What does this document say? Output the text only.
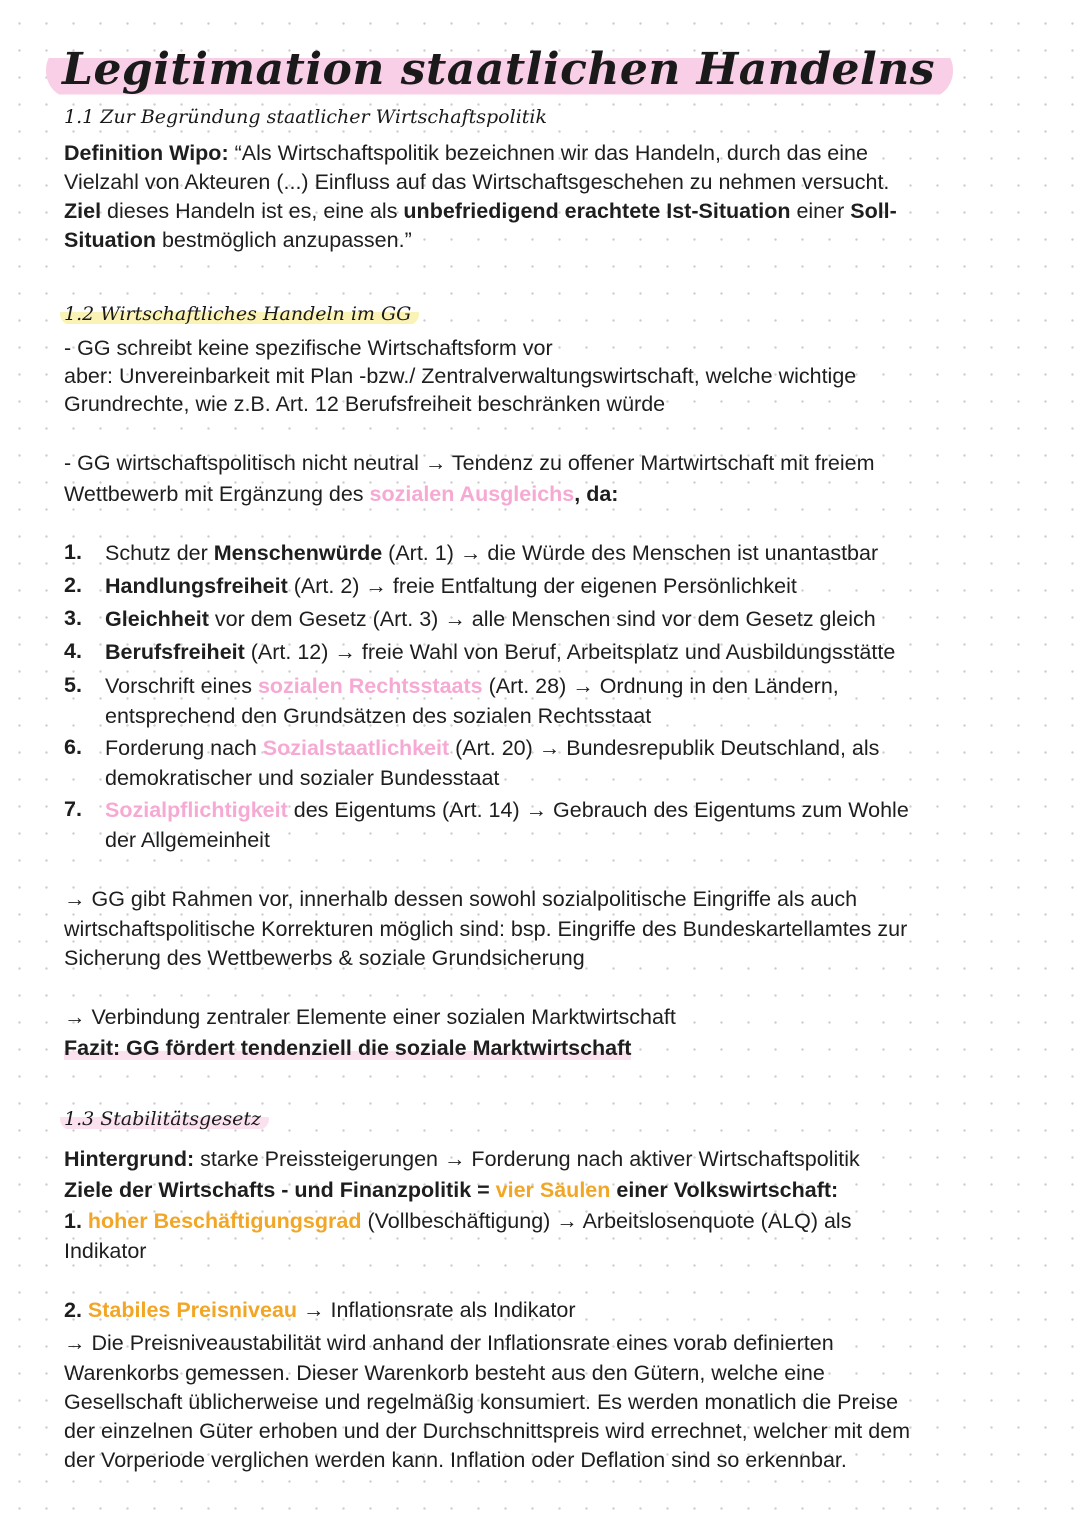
Legitimation staatlichen Handelns
1.1 Zur Begründung staatlicher Wirtschaftspolitik
Definition Wipo: “Als Wirtschaftspolitik bezeichnen wir das Handeln, durch das eine
Vielzahl von Akteuren (...) Einfluss auf das Wirtschaftsgeschehen zu nehmen versucht.
Ziel dieses Handeln ist es, eine als unbefriedigend erachtete Ist-Situation einer Soll-
Situation bestmöglich anzupassen.”
1.2 Wirtschaftliches Handeln im GG
- GG schreibt keine spezifische Wirtschaftsform vor
aber: Unvereinbarkeit mit Plan -bzw./ Zentralverwaltungswirtschaft, welche wichtige
Grundrechte, wie z.B. Art. 12 Berufsfreiheit beschränken würde
- GG wirtschaftspolitisch nicht neutral → Tendenz zu offener Martwirtschaft mit freiem
Wettbewerb mit Ergänzung des sozialen Ausgleichs, da:
1. Schutz der Menschenwürde (Art. 1) → die Würde des Menschen ist unantastbar
2. Handlungsfreiheit (Art. 2) → freie Entfaltung der eigenen Persönlichkeit
3. Gleichheit vor dem Gesetz (Art. 3) → alle Menschen sind vor dem Gesetz gleich
4. Berufsfreiheit (Art. 12) → freie Wahl von Beruf, Arbeitsplatz und Ausbildungsstätte
5. Vorschrift eines sozialen Rechtsstaats (Art. 28) → Ordnung in den Ländern,
entsprechend den Grundsätzen des sozialen Rechtsstaat
6. Forderung nach Sozialstaatlichkeit (Art. 20) → Bundesrepublik Deutschland, als
demokratischer und sozialer Bundesstaat
7. Sozialpflichtigkeit des Eigentums (Art. 14) → Gebrauch des Eigentums zum Wohle
der Allgemeinheit
→ GG gibt Rahmen vor, innerhalb dessen sowohl sozialpolitische Eingriffe als auch
wirtschaftspolitische Korrekturen möglich sind: bsp. Eingriffe des Bundeskartellamtes zur
Sicherung des Wettbewerbs & soziale Grundsicherung
→ Verbindung zentraler Elemente einer sozialen Marktwirtschaft
Fazit: GG fördert tendenziell die soziale Marktwirtschaft
1.3 Stabilitätsgesetz
Hintergrund: starke Preissteigerungen → Forderung nach aktiver Wirtschaftspolitik
Ziele der Wirtschafts - und Finanzpolitik = vier Säulen einer Volkswirtschaft:
1. hoher Beschäftigungsgrad (Vollbeschäftigung) → Arbeitslosenquote (ALQ) als
Indikator
2. Stabiles Preisniveau → Inflationsrate als Indikator
→ Die Preisniveaustabilität wird anhand der Inflationsrate eines vorab definierten
Warenkorbs gemessen. Dieser Warenkorb besteht aus den Gütern, welche eine
Gesellschaft üblicherweise und regelmäßig konsumiert. Es werden monatlich die Preise
der einzelnen Güter erhoben und der Durchschnittspreis wird errechnet, welcher mit dem
der Vorperiode verglichen werden kann. Inflation oder Deflation sind so erkennbar.
